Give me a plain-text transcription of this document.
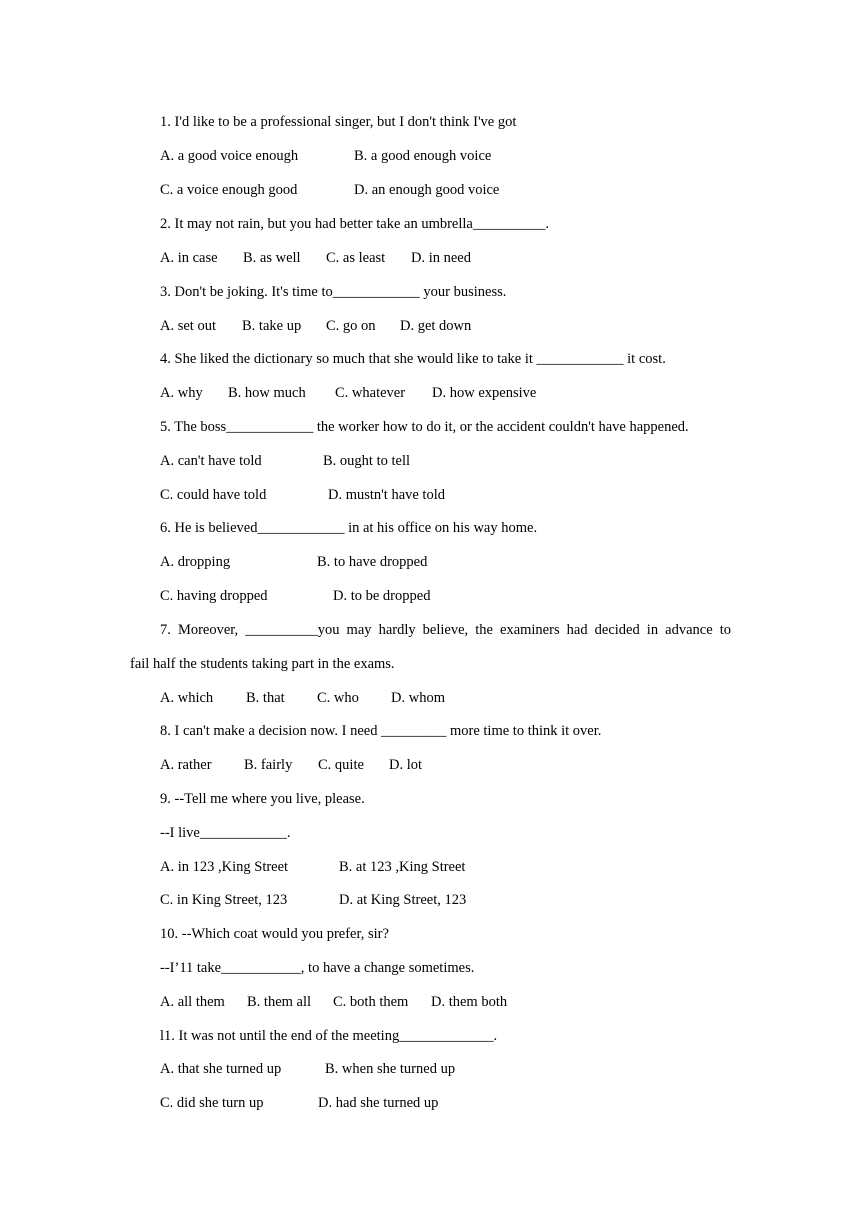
1. I'd like to be a professional singer, but I don't think I've got
A. a good voice enough	B. a good enough voice
C. a voice enough good	D. an enough good voice
2. It may not rain, but you had better take an umbrella__________.
A. in case B. as well C. as least D. in need
3. Don't be joking. It's time to____________ your business.
A. set out B. take up C. go on D. get down
4. She liked the dictionary so much that she would like to take it ____________ it cost.
A. why B. how much C. whatever D. how expensive
5. The boss____________ the worker how to do it, or the accident couldn't have happened.
A. can't have told	B. ought to tell
C. could have told	D. mustn't have told
6. He is believed____________ in at his office on his way home.
A. dropping	B. to have dropped
C. having dropped	D. to be dropped
7. Moreover, __________you may hardly believe, the examiners had decided in advance to
fail half the students taking part in the exams.
A. which B. that C. who D. whom
8. I can't make a decision now. I need _________ more time to think it over.
A. rather B. fairly C. quite D. lot
9. --Tell me where you live, please.
--I live____________.
A. in 123 ,King Street	B. at 123 ,King Street
C. in King Street, 123	D. at King Street, 123
10. --Which coat would you prefer, sir?
--I’11 take___________, to have a change sometimes.
A. all them B. them all C. both them D. them both
l1. It was not until the end of the meeting_____________.
A. that she turned up	B. when she turned up
C. did she turn up	D. had she turned up
